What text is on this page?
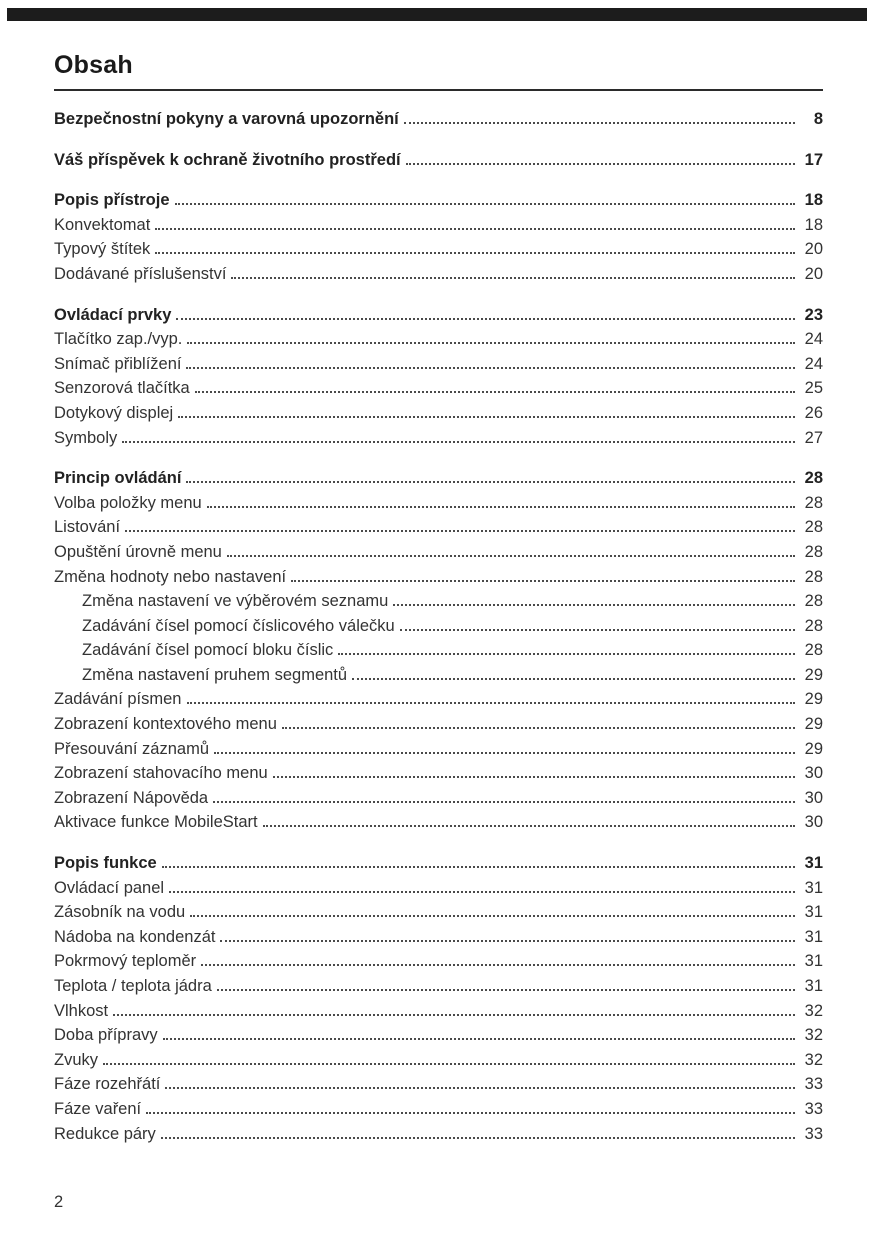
Obsah
Bezpečnostní pokyny a varovná upozornění	8
Váš příspěvek k ochraně životního prostředí	17
Popis přístroje	18
Konvektomat	18
Typový štítek	20
Dodávané příslušenství	20
Ovládací prvky	23
Tlačítko zap./vyp.	24
Snímač přiblížení	24
Senzorová tlačítka	25
Dotykový displej	26
Symboly	27
Princip ovládání	28
Volba položky menu	28
Listování	28
Opuštění úrovně menu	28
Změna hodnoty nebo nastavení	28
Změna nastavení ve výběrovém seznamu	28
Zadávání čísel pomocí číslicového válečku	28
Zadávání čísel pomocí bloku číslic	28
Změna nastavení pruhem segmentů	29
Zadávání písmen	29
Zobrazení kontextového menu	29
Přesouvání záznamů	29
Zobrazení stahovacího menu	30
Zobrazení Nápověda	30
Aktivace funkce MobileStart	30
Popis funkce	31
Ovládací panel	31
Zásobník na vodu	31
Nádoba na kondenzát	31
Pokrmový teploměr	31
Teplota / teplota jádra	31
Vlhkost	32
Doba přípravy	32
Zvuky	32
Fáze rozehřátí	33
Fáze vaření	33
Redukce páry	33
2
